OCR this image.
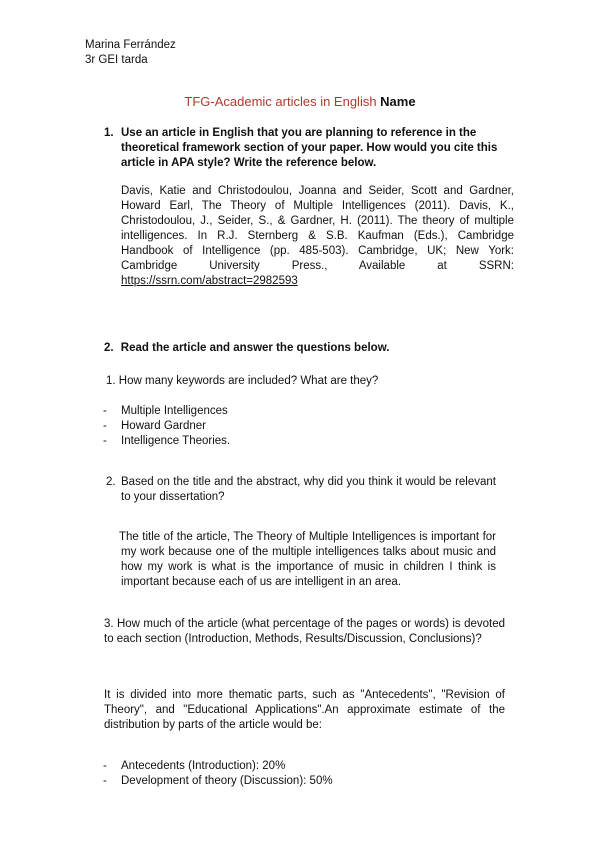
Marina Ferrández
3r GEI tarda
TFG-Academic articles in English Name
1. Use an article in English that you are planning to reference in the theoretical framework section of your paper. How would you cite this article in APA style? Write the reference below.
Davis, Katie and Christodoulou, Joanna and Seider, Scott and Gardner, Howard Earl, The Theory of Multiple Intelligences (2011). Davis, K., Christodoulou, J., Seider, S., & Gardner, H. (2011). The theory of multiple intelligences. In R.J. Sternberg & S.B. Kaufman (Eds.), Cambridge Handbook of Intelligence (pp. 485-503). Cambridge, UK; New York: Cambridge University Press., Available at SSRN: https://ssrn.com/abstract=2982593
2. Read the article and answer the questions below.
1. How many keywords are included? What are they?
-	Multiple Intelligences
-	Howard Gardner
-	Intelligence Theories.
2. Based on the title and the abstract, why did you think it would be relevant to your dissertation?
The title of the article, The Theory of Multiple Intelligences is important for my work because one of the multiple intelligences talks about music and how my work is what is the importance of music in children I think is important because each of us are intelligent in an area.
3. How much of the article (what percentage of the pages or words) is devoted to each section (Introduction, Methods, Results/Discussion, Conclusions)?
It is divided into more thematic parts, such as "Antecedents", "Revision of Theory", and "Educational Applications".An approximate estimate of the distribution by parts of the article would be:
-	Antecedents (Introduction): 20%
-	Development of theory (Discussion): 50%
